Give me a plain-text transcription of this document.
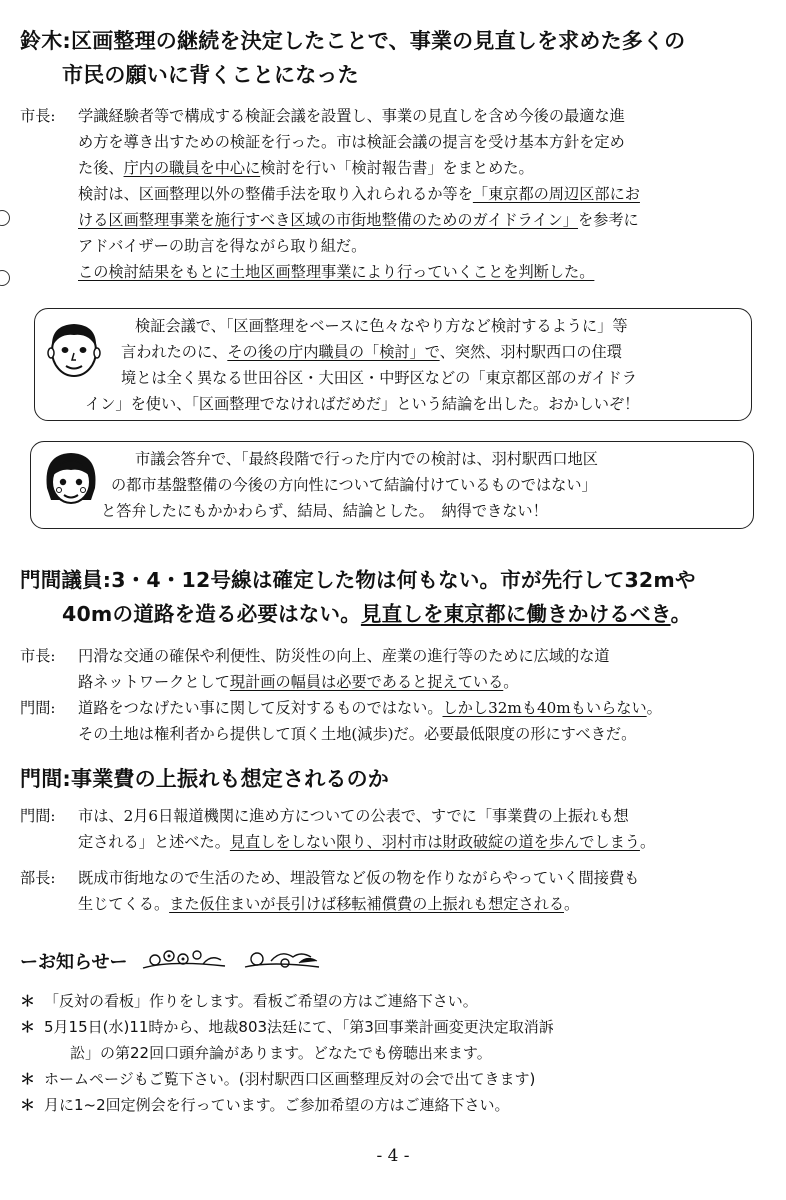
鈴木:区画整理の継続を決定したことで、事業の見直しを求めた多くの
市民の願いに背くことになった

市長: 学識経験者等で構成する検証会議を設置し、事業の見直しを含め今後の最適な進
め方を導き出すための検証を行った。市は検証会議の提言を受け基本方針を定め
た後、庁内の職員を中心に検討を行い「検討報告書」をまとめた。
検討は、区画整理以外の整備手法を取り入れられるか等を「東京都の周辺区部にお
ける区画整理事業を施行すべき区域の市街地整備のためのガイドライン」を参考に
アドバイザーの助言を得ながら取り組だ。
この検討結果をもとに土地区画整理事業により行っていくことを判断した。

検証会議で、「区画整理をベースに色々なやり方など検討するように」等
言われたのに、その後の庁内職員の「検討」で、突然、羽村駅西口の住環
境とは全く異なる世田谷区・大田区・中野区などの「東京都区部のガイドラ
イン」を使い、「区画整理でなければだめだ」という結論を出した。おかしいぞ！

市議会答弁で、「最終段階で行った庁内での検討は、羽村駅西口地区
の都市基盤整備の今後の方向性について結論付けているものではない」
と答弁したにもかかわらず、結局、結論とした。　納得できない！

門間議員:3・4・12号線は確定した物は何もない。市が先行して32mや
40mの道路を造る必要はない。見直しを東京都に働きかけるべき。

市長: 円滑な交通の確保や利便性、防災性の向上、産業の進行等のために広域的な道
路ネットワークとして現計画の幅員は必要であると捉えている。

門間: 道路をつなげたい事に関して反対するものではない。しかし32mも40mもいらない。
その土地は権利者から提供して頂く土地(減歩)だ。必要最低限度の形にすべきだ。

門間:事業費の上振れも想定されるのか

門間: 市は、2月6日報道機関に進め方についての公表で、すでに「事業費の上振れも想
定される」と述べた。見直しをしない限り、羽村市は財政破綻の道を歩んでしまう。

部長: 既成市街地なので生活のため、埋設管など仮の物を作りながらやっていく間接費も
生じてくる。また仮住まいが長引けば移転補償費の上振れも想定される。

ーお知らせー

＊ 「反対の看板」作りをします。看板ご希望の方はご連絡下さい。

＊ 5月15日(水)11時から、地裁803法廷にて、「第3回事業計画変更決定取消訴
訟」の第22回口頭弁論があります。どなたでも傍聴出来ます。

＊ ホームページもご覧下さい。(羽村駅西口区画整理反対の会で出てきます)

＊ 月に1~2回定例会を行っています。ご参加希望の方はご連絡下さい。

- 4 -
